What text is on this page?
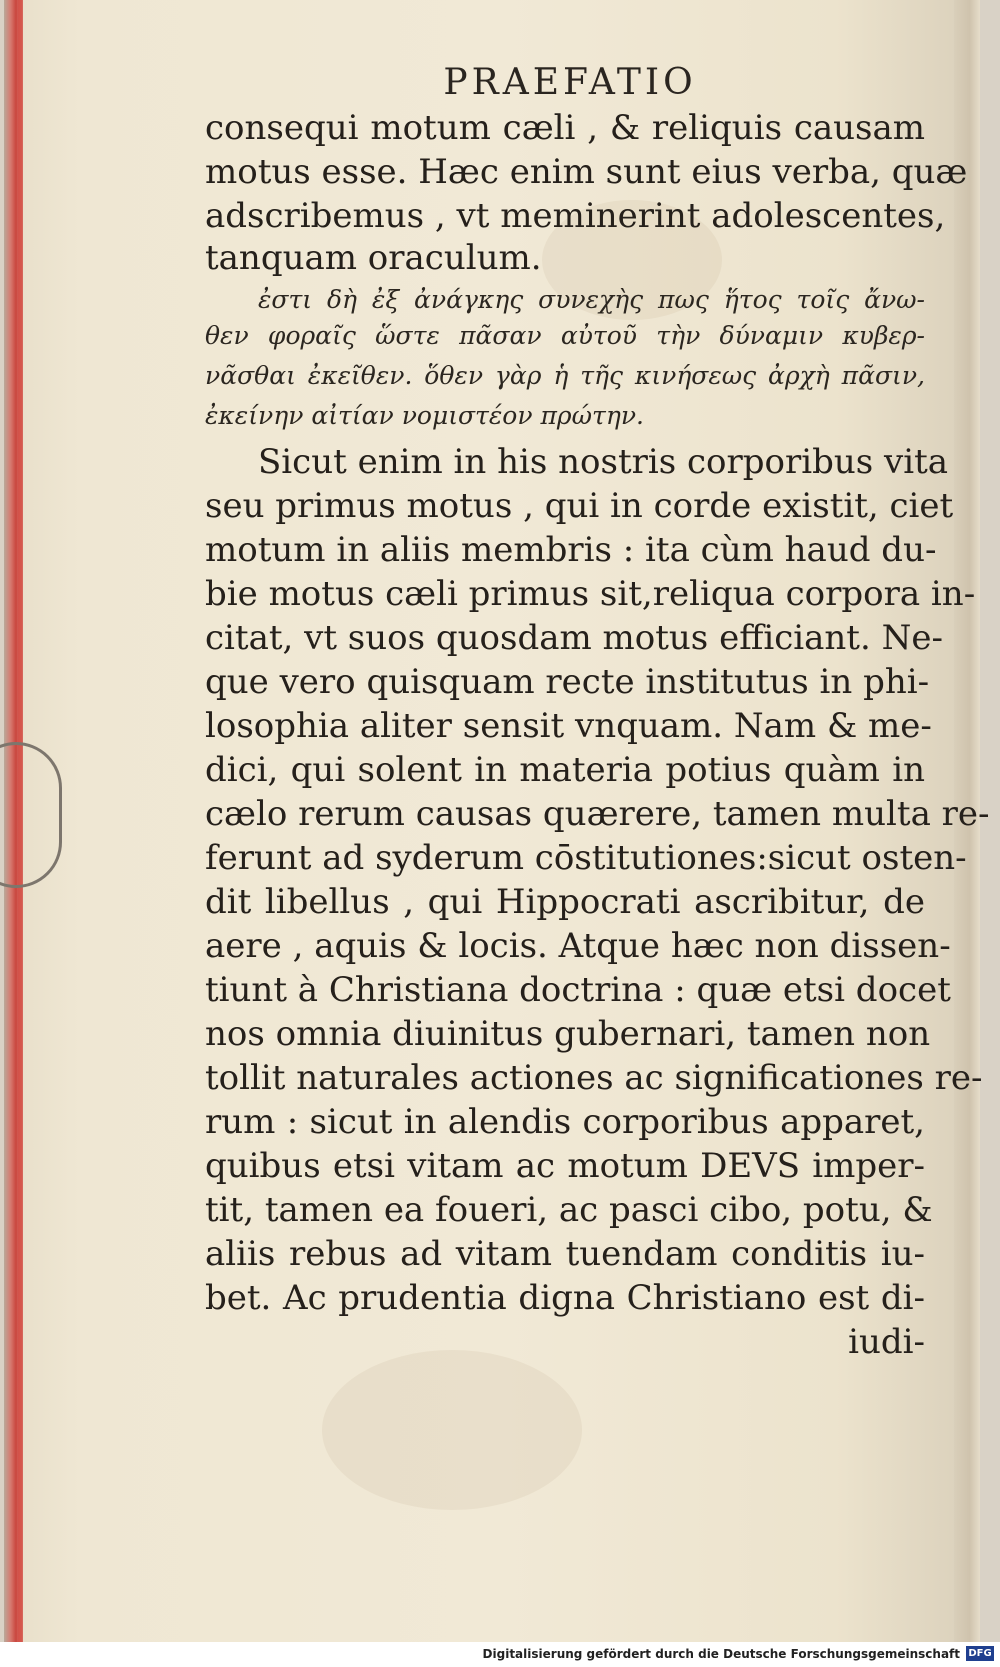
PRAEFATIO
consequi motum cæli , & reliquis causam
motus esse. Hæc enim sunt eius verba, quæ
adscribemus , vt meminerint adolescentes,
tanquam oraculum.
ἐστι δὴ ἐξ ἀνάγκης συνεχὴς πως ἥτος τοῖς ἄνω-
θεν φοραῖς ὥστε πᾶσαν αὐτοῦ τὴν δύναμιν κυβερ-
νᾶσθαι ἐκεῖθεν. ὅθεν γὰρ ἡ τῆς κινήσεως ἀρχὴ πᾶσιν,
ἐκείνην αἰτίαν νομιστέον πρώτην.
Sicut enim in his nostris corporibus vita
seu primus motus , qui in corde existit, ciet
motum in aliis membris : ita cùm haud du-
bie motus cæli primus sit,reliqua corpora in-
citat, vt suos quosdam motus efficiant. Ne-
que vero quisquam recte institutus in phi-
losophia aliter sensit vnquam. Nam & me-
dici, qui solent in materia potius quàm in
cælo rerum causas quærere, tamen multa re-
ferunt ad syderum cōstitutiones:sicut osten-
dit libellus , qui Hippocrati ascribitur, de
aere , aquis & locis. Atque hæc non dissen-
tiunt à Christiana doctrina : quæ etsi docet
nos omnia diuinitus gubernari, tamen non
tollit naturales actiones ac significationes re-
rum : sicut in alendis corporibus apparet,
quibus etsi vitam ac motum DEVS imper-
tit, tamen ea foueri, ac pasci cibo, potu, &
aliis rebus ad vitam tuendam conditis iu-
bet. Ac prudentia digna Christiano est di-
iudi-
Digitalisierung gefördert durch die Deutsche Forschungsgemeinschaft DFG
